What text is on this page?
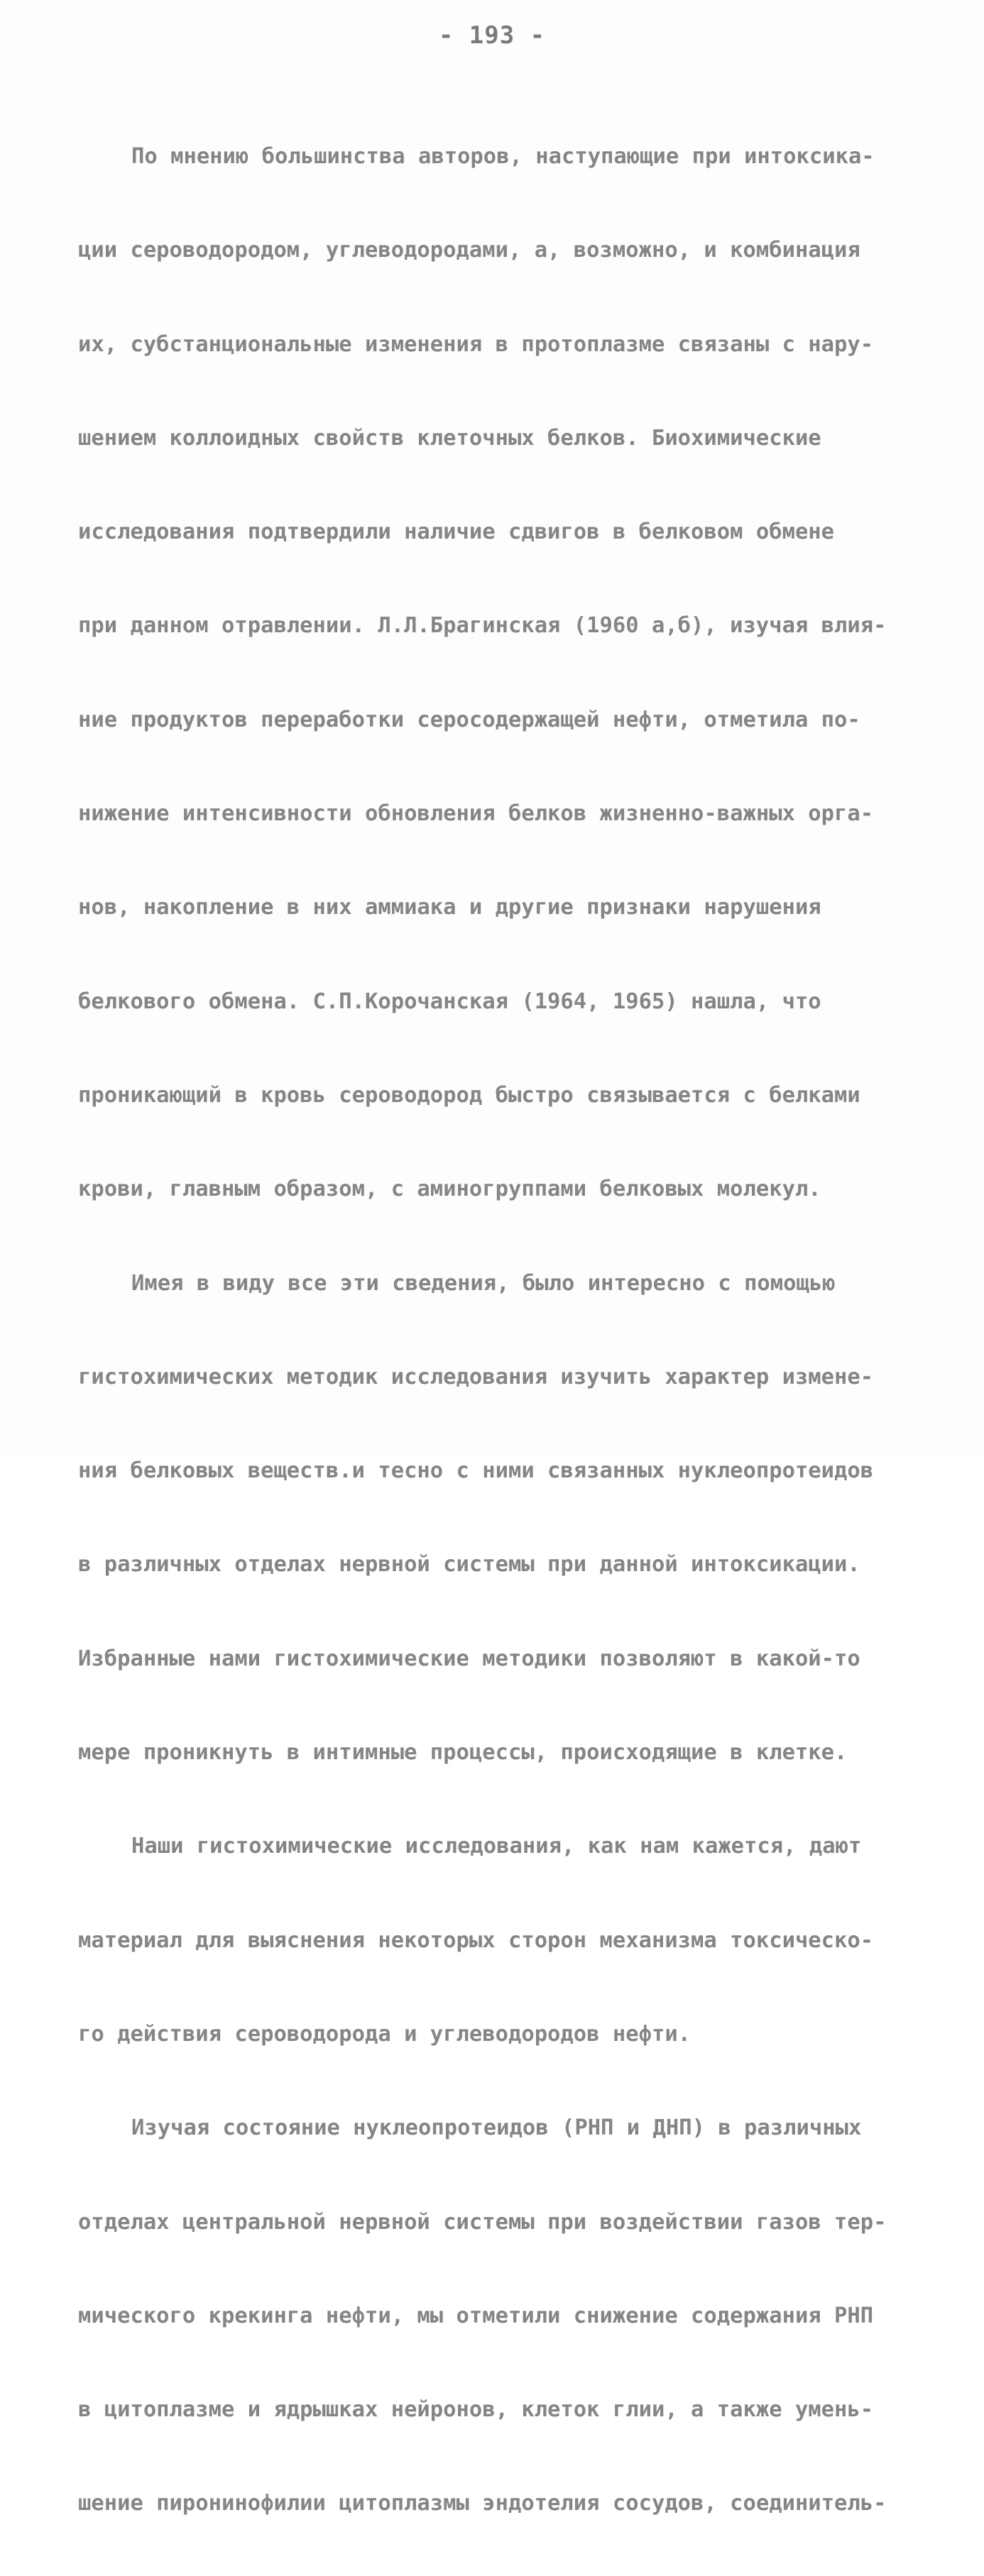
- 193 -

По мнению большинства авторов, наступающие при интоксика-

ции сероводородом, углеводородами, а, возможно, и комбинация

их, субстанциональные изменения в протоплазме связаны с нару-

шением коллоидных свойств клеточных белков. Биохимические

исследования подтвердили наличие сдвигов в белковом обмене

при данном отравлении. Л.Л.Брагинская (1960 а,б), изучая влия-

ние продуктов переработки серосодержащей нефти, отметила по-

нижение интенсивности обновления белков жизненно-важных орга-

нов, накопление в них аммиака и другие признаки нарушения

белкового обмена. С.П.Корочанская (1964, 1965) нашла, что

проникающий в кровь сероводород быстро связывается с белками

крови, главным образом, с аминогруппами белковых молекул.

Имея в виду все эти сведения, было интересно с помощью

гистохимических методик исследования изучить характер измене-

ния белковых веществ.и тесно с ними связанных нуклеопротеидов

в различных отделах нервной системы при данной интоксикации.

Избранные нами гистохимические методики позволяют в какой-то

мере проникнуть в интимные процессы, происходящие в клетке.

Наши гистохимические исследования, как нам кажется, дают

материал для выяснения некоторых сторон механизма токсическо-

го действия сероводорода и углеводородов нефти.

Изучая состояние нуклеопротеидов (РНП и ДНП) в различных

отделах центральной нервной системы при воздействии газов тер-

мического крекинга нефти, мы отметили снижение содержания РНП

в цитоплазме и ядрышках нейронов, клеток глии, а также умень-

шение пиронинофилии цитоплазмы эндотелия сосудов, соединитель-
